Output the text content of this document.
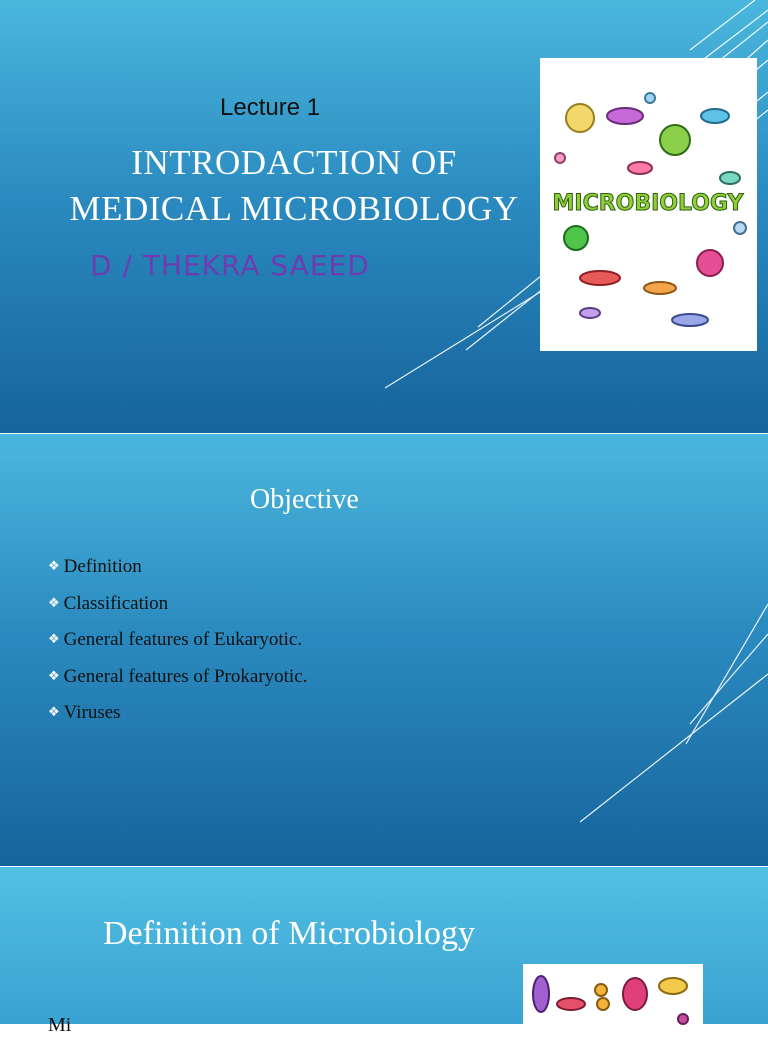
Lecture 1

INTRODACTION OF

MEDICAL MICROBIOLOGY

D / THEKRA SAEED

MICROBIOLOGY

Objective

❖ Definition
❖ Classification
❖ General features of Eukaryotic.
❖ General features of Prokaryotic.
❖ Viruses.

Definition of Microbiology

Mi
